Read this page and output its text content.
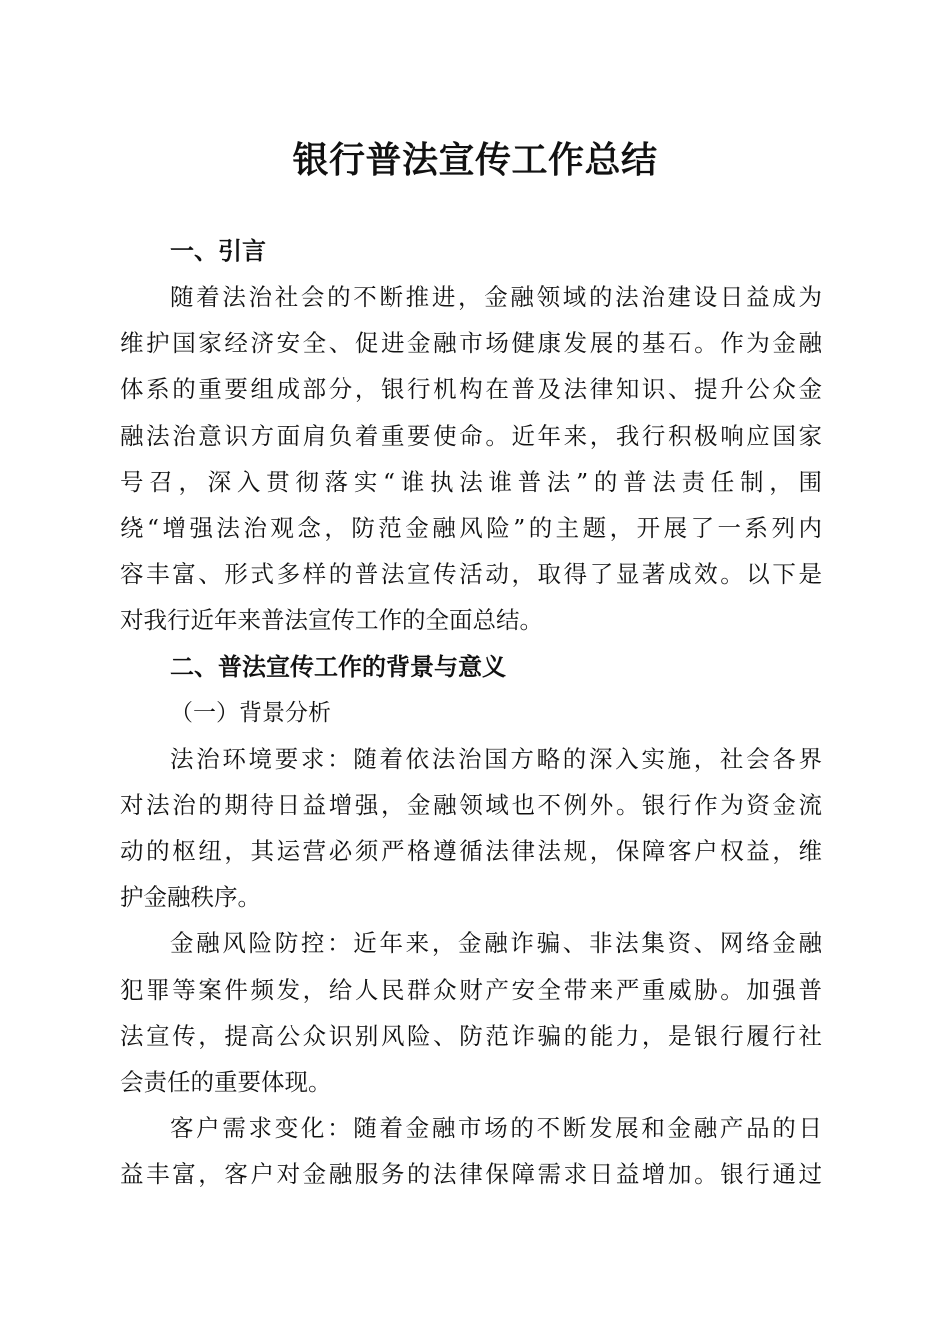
银行普法宣传工作总结
一、引言
随着法治社会的不断推进，金融领域的法治建设日益成为
维护国家经济安全、促进金融市场健康发展的基石。作为金融
体系的重要组成部分，银行机构在普及法律知识、提升公众金
融法治意识方面肩负着重要使命。近年来，我行积极响应国家
号召，深入贯彻落实“谁执法谁普法”的普法责任制，围
绕“增强法治观念，防范金融风险”的主题，开展了一系列内
容丰富、形式多样的普法宣传活动，取得了显著成效。以下是
对我行近年来普法宣传工作的全面总结。
二、普法宣传工作的背景与意义
（一）背景分析
法治环境要求：随着依法治国方略的深入实施，社会各界
对法治的期待日益增强，金融领域也不例外。银行作为资金流
动的枢纽，其运营必须严格遵循法律法规，保障客户权益，维
护金融秩序。
金融风险防控：近年来，金融诈骗、非法集资、网络金融
犯罪等案件频发，给人民群众财产安全带来严重威胁。加强普
法宣传，提高公众识别风险、防范诈骗的能力，是银行履行社
会责任的重要体现。
客户需求变化：随着金融市场的不断发展和金融产品的日
益丰富，客户对金融服务的法律保障需求日益增加。银行通过
